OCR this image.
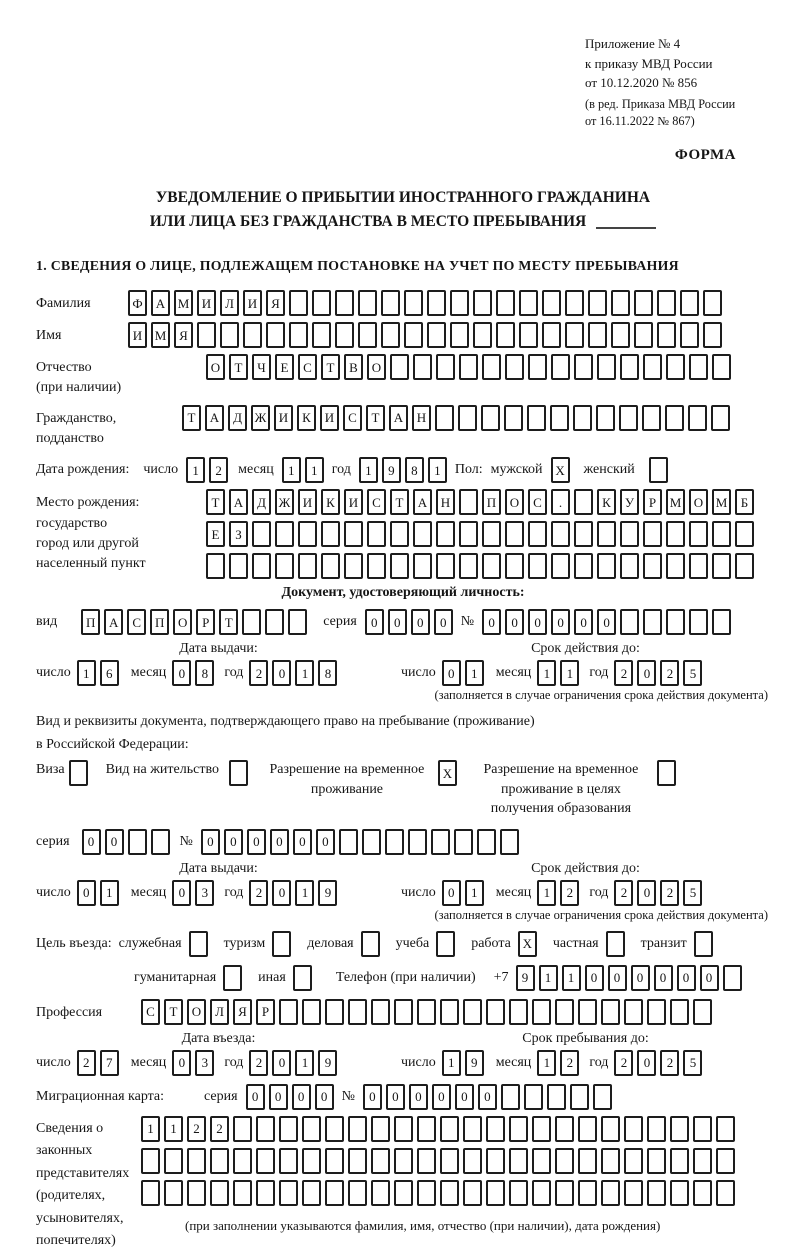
Приложение № 4
к приказу МВД России
от 10.12.2020 № 856
(в ред. Приказа МВД России
от 16.11.2022 № 867)
ФОРМА
УВЕДОМЛЕНИЕ О ПРИБЫТИИ ИНОСТРАННОГО ГРАЖДАНИНА
ИЛИ ЛИЦА БЕЗ ГРАЖДАНСТВА В МЕСТО ПРЕБЫВАНИЯ
1. СВЕДЕНИЯ О ЛИЦЕ, ПОДЛЕЖАЩЕМ ПОСТАНОВКЕ НА УЧЕТ ПО МЕСТУ ПРЕБЫВАНИЯ
Фамилия	Ф	А М И	Л	И	Я
Имя	И М Я
Отчество
(при наличии)
О	Т	Ч	Е	С	Т	В	О
Гражданство,
подданство
Т	А	Д Ж И	К	И	С	Т	А	Н
Дата рождения: число	1	2	месяц	1	1	год	1	9	8	1	Пол: мужской X	женский
Место рождения:
государство
город или другой
населенный пункт
Т	А	Д Ж И	К	И	С	Т	А	Н	П	О	С	.	К	У	Р	М О М	Б
Е	З
Документ, удостоверяющий личность:
вид	П	А	С	П	О	Р	Т	серия	0	0	0	0	№	0	0	0	0	0	0
Дата выдачи:
число 1	6	месяц 0	8	год 2	0	1	8
Срок действия до:
число 0	1	месяц 1	1	год 2	0	2	5
(заполняется в случае ограничения срока действия документа)
Вид и реквизиты документа, подтверждающего право на пребывание (проживание)
в Российской Федерации:
Виза	Вид на жительство	Разрешение на временное проживание
X	Разрешение на временное проживание в целях получения образования
серия	0	0	№	0	0	0	0	0	0
Дата выдачи:
число 0	1	месяц 0	3	год 2	0	1	9
Срок действия до:
число 0	1	месяц 1	2	год 2	0	2	5
(заполняется в случае ограничения срока действия документа)
Цель въезда: служебная	туризм	деловая	учеба	работа X	частная	транзит
гуманитарная	иная	Телефон (при наличии) +7	9	1	1	0	0	0	0	0	0
Профессия	С	Т	О	Л	Я	Р
Дата въезда:
число 2	7	месяц 0	3	год 2	0	1	9
Срок пребывания до:
число 1	9	месяц 1	2	год 2	0	2	5
Миграционная карта:	серия	0	0	0	0	№	0	0	0	0	0	0
Сведения о
законных
представителях
(родителях,
усыновителях,
попечителях)
1	1	2	2
(при заполнении указываются фамилия, имя, отчество (при наличии), дата рождения)
